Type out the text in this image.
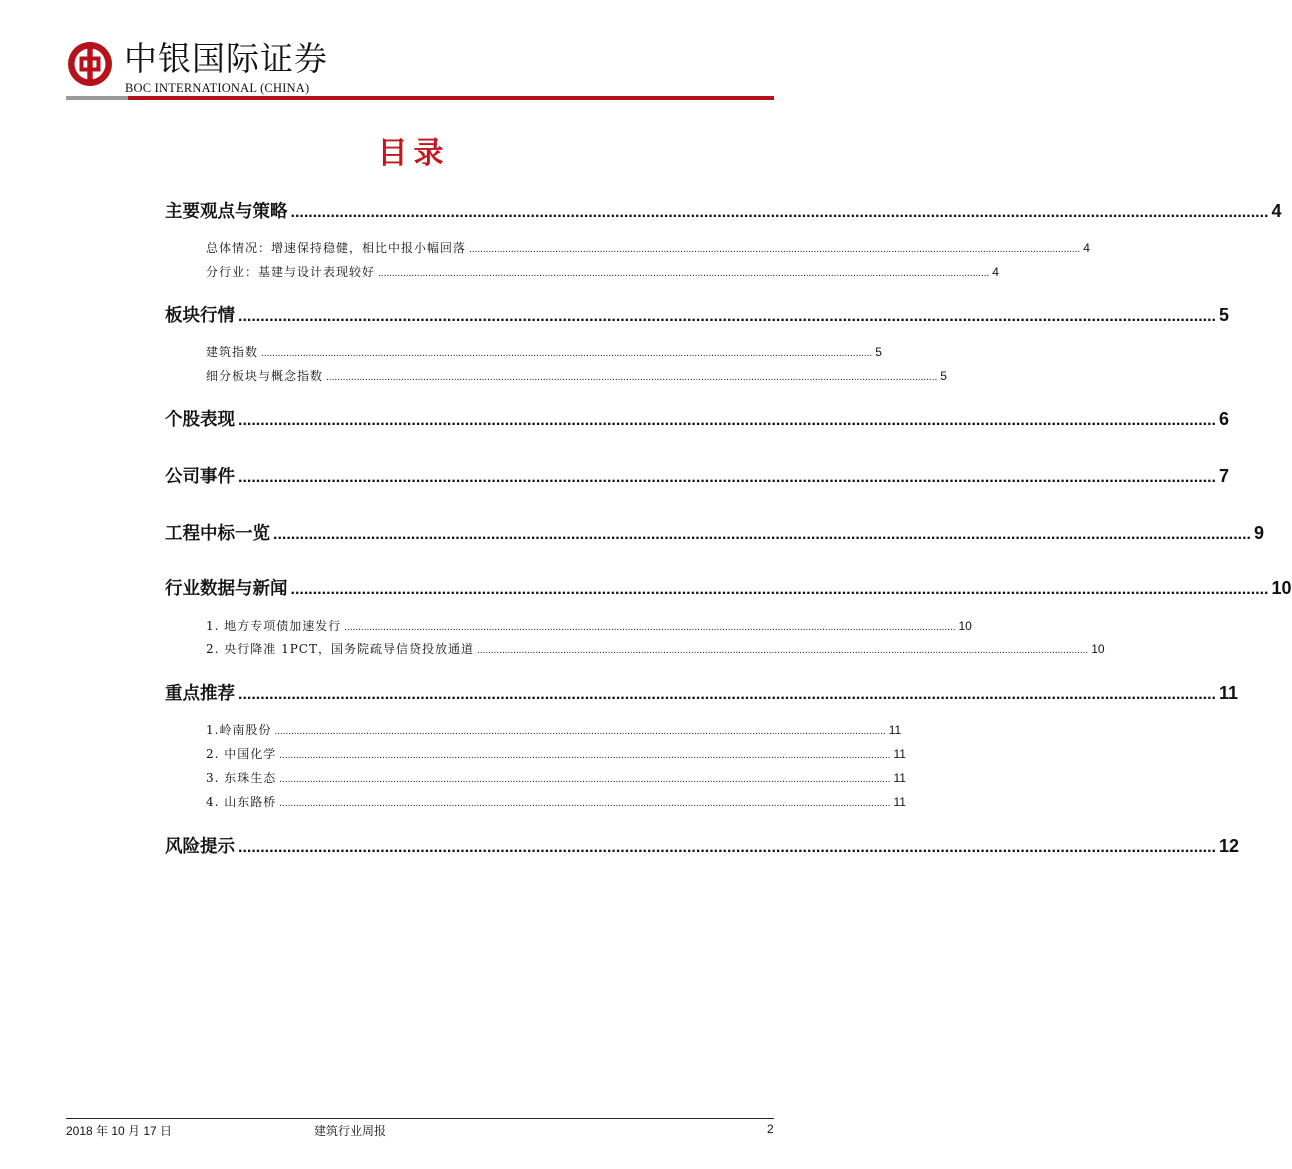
中银国际证券
BOC INTERNATIONAL (CHINA)
目录
主要观点与策略 ............................................................................................................................................................................................................................ 4
总体情况：增速保持稳健，相比中报小幅回落 ............................................................................................................................................................................................................................ 4
分行业：基建与设计表现较好 ............................................................................................................................................................................................................................ 4
板块行情 ............................................................................................................................................................................................................................ 5
建筑指数 ............................................................................................................................................................................................................................ 5
细分板块与概念指数 ............................................................................................................................................................................................................................ 5
个股表现 ............................................................................................................................................................................................................................ 6
公司事件 ............................................................................................................................................................................................................................ 7
工程中标一览 ............................................................................................................................................................................................................................ 9
行业数据与新闻 ............................................................................................................................................................................................................................ 10
1. 地方专项债加速发行 ............................................................................................................................................................................................................................ 10
2. 央行降准 1PCT，国务院疏导信贷投放通道 ............................................................................................................................................................................................................................ 10
重点推荐 ............................................................................................................................................................................................................................ 11
1.岭南股份 ............................................................................................................................................................................................................................ 11
2. 中国化学 ............................................................................................................................................................................................................................ 11
3. 东珠生态 ............................................................................................................................................................................................................................ 11
4. 山东路桥 ............................................................................................................................................................................................................................ 11
风险提示 ............................................................................................................................................................................................................................ 12
2018 年 10 月 17 日	建筑行业周报	2
